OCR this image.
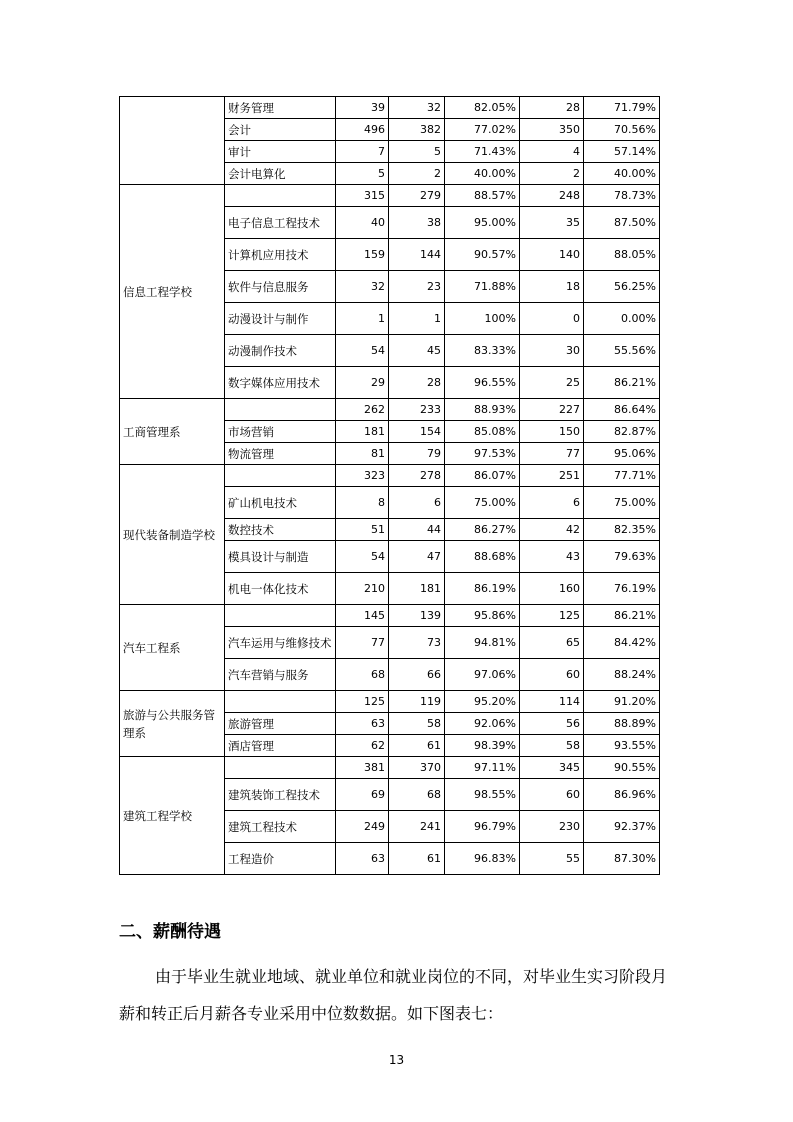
	财务管理	39	32	82.05%	28	71.79%
	会计	496	382	77.02%	350	70.56%
	审计	7	5	71.43%	4	57.14%
	会计电算化	5	2	40.00%	2	40.00%
信息工程学校		315	279	88.57%	248	78.73%
	电子信息工程技术	40	38	95.00%	35	87.50%
	计算机应用技术	159	144	90.57%	140	88.05%
	软件与信息服务	32	23	71.88%	18	56.25%
	动漫设计与制作	1	1	100%	0	0.00%
	动漫制作技术	54	45	83.33%	30	55.56%
	数字媒体应用技术	29	28	96.55%	25	86.21%
工商管理系		262	233	88.93%	227	86.64%
	市场营销	181	154	85.08%	150	82.87%
	物流管理	81	79	97.53%	77	95.06%
现代装备制造学校		323	278	86.07%	251	77.71%
	矿山机电技术	8	6	75.00%	6	75.00%
	数控技术	51	44	86.27%	42	82.35%
	模具设计与制造	54	47	88.68%	43	79.63%
	机电一体化技术	210	181	86.19%	160	76.19%
汽车工程系		145	139	95.86%	125	86.21%
	汽车运用与维修技术	77	73	94.81%	65	84.42%
	汽车营销与服务	68	66	97.06%	60	88.24%
旅游与公共服务管理系		125	119	95.20%	114	91.20%
	旅游管理	63	58	92.06%	56	88.89%
	酒店管理	62	61	98.39%	58	93.55%
建筑工程学校		381	370	97.11%	345	90.55%
	建筑装饰工程技术	69	68	98.55%	60	86.96%
	建筑工程技术	249	241	96.79%	230	92.37%
	工程造价	63	61	96.83%	55	87.30%
二、薪酬待遇

由于毕业生就业地域、就业单位和就业岗位的不同，对毕业生实习阶段月薪和转正后月薪各专业采用中位数数据。如下图表七：

13
